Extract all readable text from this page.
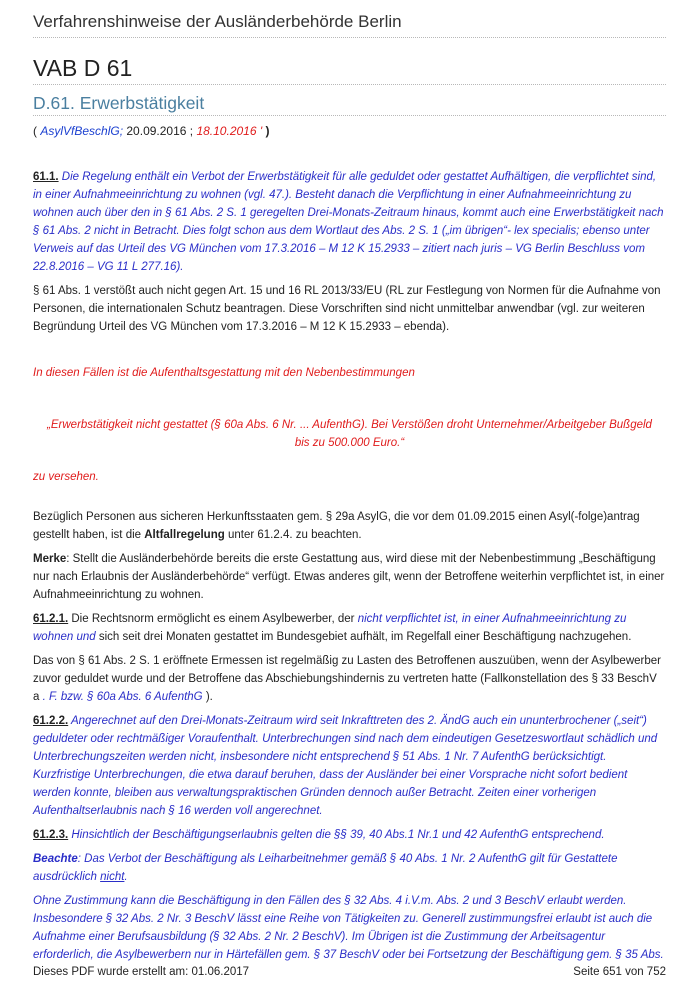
Verfahrenshinweise der Ausländerbehörde Berlin
VAB D 61
D.61. Erwerbstätigkeit
( AsylVfBeschlG; 20.09.2016 ; 18.10.2016 ' )

61.1. Die Regelung enthält ein Verbot der Erwerbstätigkeit für alle geduldet oder gestattet Aufhältigen, die verpflichtet sind, in einer Aufnahmeeinrichtung zu wohnen (vgl. 47.). Besteht danach die Verpflichtung in einer Aufnahmeeinrichtung zu wohnen auch über den in § 61 Abs. 2 S. 1 geregelten Drei-Monats-Zeitraum hinaus, kommt auch eine Erwerbstätigkeit nach § 61 Abs. 2 nicht in Betracht. Dies folgt schon aus dem Wortlaut des Abs. 2 S. 1 („im übrigen“- lex specialis; ebenso unter Verweis auf das Urteil des VG München vom 17.3.2016 – M 12 K 15.2933 – zitiert nach juris – VG Berlin Beschluss vom 22.8.2016 – VG 11 L 277.16).

§ 61 Abs. 1 verstößt auch nicht gegen Art. 15 und 16 RL 2013/33/EU (RL zur Festlegung von Normen für die Aufnahme von Personen, die internationalen Schutz beantragen. Diese Vorschriften sind nicht unmittelbar anwendbar (vgl. zur weiteren Begründung Urteil des VG München vom 17.3.2016 – M 12 K 15.2933 – ebenda).

In diesen Fällen ist die Aufenthaltsgestattung mit den Nebenbestimmungen

„Erwerbstätigkeit nicht gestattet (§ 60a Abs. 6 Nr. ... AufenthG). Bei Verstößen droht Unternehmer/Arbeitgeber Bußgeld bis zu 500.000 Euro.“

zu versehen.

Bezüglich Personen aus sicheren Herkunftsstaaten gem. § 29a AsylG, die vor dem 01.09.2015 einen Asyl(-folge)antrag gestellt haben, ist die Altfallregelung unter 61.2.4. zu beachten.

Merke: Stellt die Ausländerbehörde bereits die erste Gestattung aus, wird diese mit der Nebenbestimmung „Beschäftigung nur nach Erlaubnis der Ausländerbehörde“ verfügt. Etwas anderes gilt, wenn der Betroffene weiterhin verpflichtet ist, in einer Aufnahmeeinrichtung zu wohnen.

61.2.1. Die Rechtsnorm ermöglicht es einem Asylbewerber, der nicht verpflichtet ist, in einer Aufnahmeeinrichtung zu wohnen und sich seit drei Monaten gestattet im Bundesgebiet aufhält, im Regelfall einer Beschäftigung nachzugehen.

Das von § 61 Abs. 2 S. 1 eröffnete Ermessen ist regelmäßig zu Lasten des Betroffenen auszuüben, wenn der Asylbewerber zuvor geduldet wurde und der Betroffene das Abschiebungshindernis zu vertreten hatte (Fallkonstellation des § 33 BeschV a . F. bzw. § 60a Abs. 6 AufenthG ).

61.2.2. Angerechnet auf den Drei-Monats-Zeitraum wird seit Inkrafttreten des 2. ÄndG auch ein ununterbrochener („seit“) geduldeter oder rechtmäßiger Voraufenthalt. Unterbrechungen sind nach dem eindeutigen Gesetzeswortlaut schädlich und Unterbrechungszeiten werden nicht, insbesondere nicht entsprechend § 51 Abs. 1 Nr. 7 AufenthG berücksichtigt. Kurzfristige Unterbrechungen, die etwa darauf beruhen, dass der Ausländer bei einer Vorsprache nicht sofort bedient werden konnte, bleiben aus verwaltungspraktischen Gründen dennoch außer Betracht. Zeiten einer vorherigen Aufenthaltserlaubnis nach § 16 werden voll angerechnet.

61.2.3. Hinsichtlich der Beschäftigungserlaubnis gelten die §§ 39, 40 Abs.1 Nr.1 und 42 AufenthG entsprechend.

Beachte: Das Verbot der Beschäftigung als Leiharbeitnehmer gemäß § 40 Abs. 1 Nr. 2 AufenthG gilt für Gestattete ausdrücklich nicht.

Ohne Zustimmung kann die Beschäftigung in den Fällen des § 32 Abs. 4 i.V.m. Abs. 2 und 3 BeschV erlaubt werden. Insbesondere § 32 Abs. 2 Nr. 3 BeschV lässt eine Reihe von Tätigkeiten zu. Generell zustimmungsfrei erlaubt ist auch die Aufnahme einer Berufsausbildung (§ 32 Abs. 2 Nr. 2 BeschV). Im Übrigen ist die Zustimmung der Arbeitsagentur erforderlich, die Asylbewerbern nur in Härtefällen gem. § 37 BeschV oder bei Fortsetzung der Beschäftigung gem. § 35 Abs.

Dieses PDF wurde erstellt am: 01.06.2017	Seite 651 von 752
